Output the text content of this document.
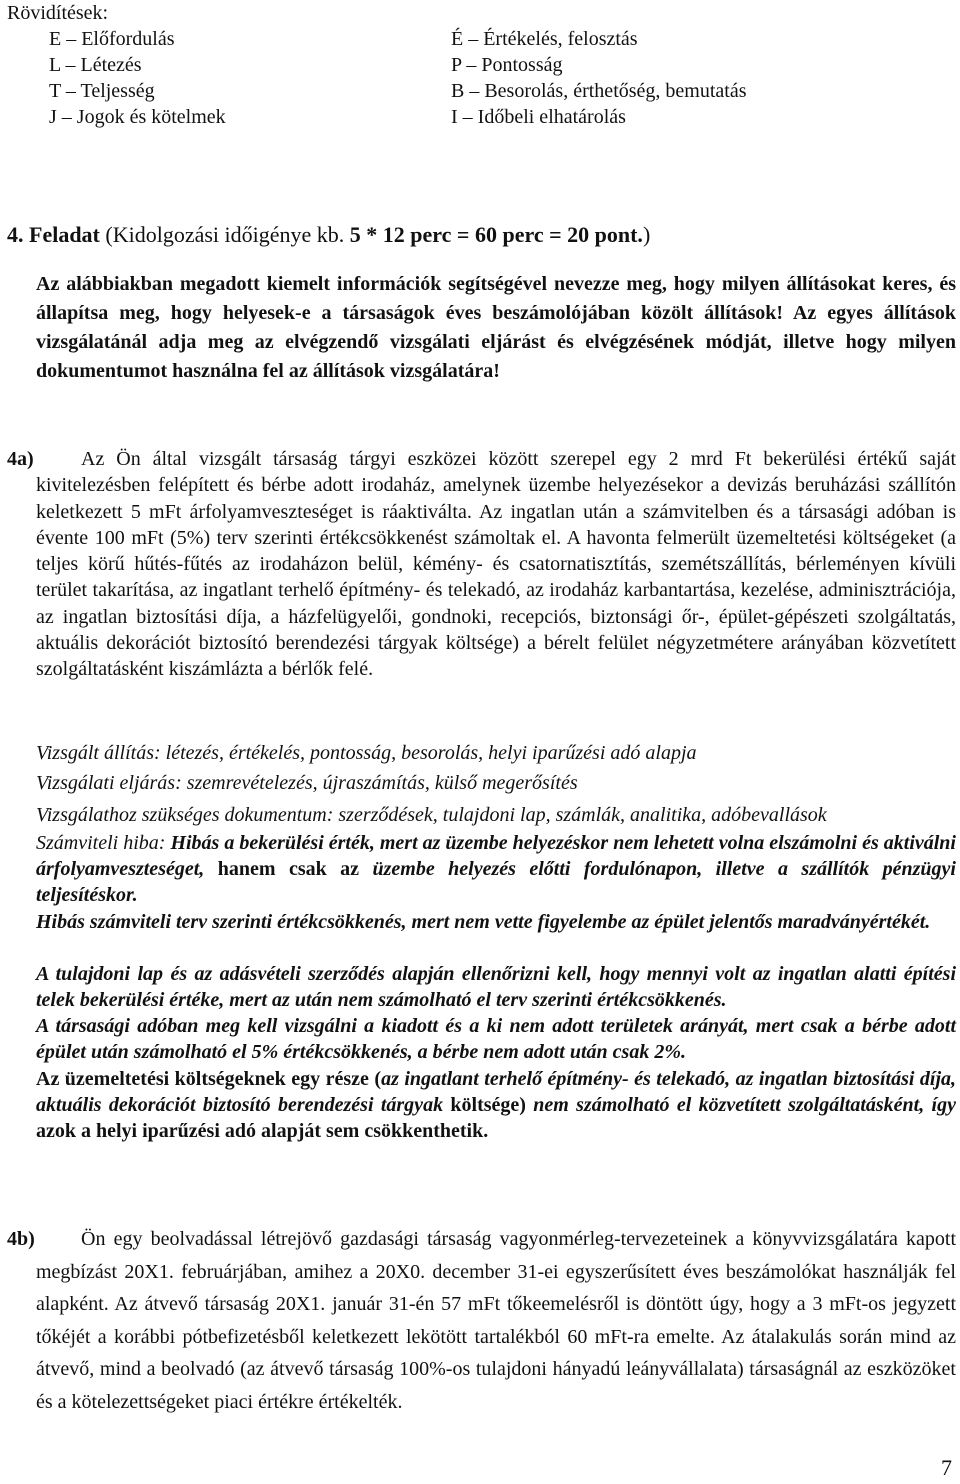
Rövidítések:
E – Előfordulás
L – Létezés
T – Teljesség
J – Jogok és kötelmek
É – Értékelés, felosztás
P – Pontosság
B – Besorolás, érthetőség, bemutatás
I – Időbeli elhatárolás
4. Feladat (Kidolgozási időigénye kb. 5 * 12 perc = 60 perc = 20 pont.)
Az alábbiakban megadott kiemelt információk segítségével nevezze meg, hogy milyen állításokat keres, és állapítsa meg, hogy helyesek-e a társaságok éves beszámolójában közölt állítások! Az egyes állítások vizsgálatánál adja meg az elvégzendő vizsgálati eljárást és elvégzésének módját, illetve hogy milyen dokumentumot használna fel az állítások vizsgálatára!
4a)	Az Ön által vizsgált társaság tárgyi eszközei között szerepel egy 2 mrd Ft bekerülési értékű saját kivitelezésben felépített és bérbe adott irodaház, amelynek üzembe helyezésekor a devizás beruházási szállítón keletkezett 5 mFt árfolyamveszteséget is ráaktiválta. Az ingatlan után a számvitelben és a társasági adóban is évente 100 mFt (5%) terv szerinti értékcsökkenést számoltak el. A havonta felmerült üzemeltetési költségeket (a teljes körű hűtés-fűtés az irodaházon belül, kémény- és csatornatisztítás, szemétszállítás, bérleményen kívüli terület takarítása, az ingatlant terhelő építmény- és telekadó, az irodaház karbantartása, kezelése, adminisztrációja, az ingatlan biztosítási díja, a házfelügyelői, gondnoki, recepciós, biztonsági őr-, épület-gépészeti szolgáltatás, aktuális dekorációt biztosító berendezési tárgyak költsége) a bérelt felület négyzetmétere arányában közvetített szolgáltatásként kiszámlázta a bérlők felé.
Vizsgált állítás: létezés, értékelés, pontosság, besorolás, helyi iparűzési adó alapja
Vizsgálati eljárás: szemrevételezés, újraszámítás, külső megerősítés
Vizsgálathoz szükséges dokumentum: szerződések, tulajdoni lap, számlák, analitika, adóbevallások
Számviteli hiba: Hibás a bekerülési érték, mert az üzembe helyezéskor nem lehetett volna elszámolni és aktiválni árfolyamveszteséget, hanem csak az üzembe helyezés előtti fordulónapon, illetve a szállítók pénzügyi teljesítéskor.
Hibás számviteli terv szerinti értékcsökkenés, mert nem vette figyelembe az épület jelentős maradványértékét.
A tulajdoni lap és az adásvételi szerződés alapján ellenőrizni kell, hogy mennyi volt az ingatlan alatti építési telek bekerülési értéke, mert az után nem számolható el terv szerinti értékcsökkenés.
A társasági adóban meg kell vizsgálni a kiadott és a ki nem adott területek arányát, mert csak a bérbe adott épület után számolható el 5% értékcsökkenés, a bérbe nem adott után csak 2%.
Az üzemeltetési költségeknek egy része (az ingatlant terhelő építmény- és telekadó, az ingatlan biztosítási díja, aktuális dekorációt biztosító berendezési tárgyak költsége) nem számolható el közvetített szolgáltatásként, így azok a helyi iparűzési adó alapját sem csökkenthetik.
4b)	Ön egy beolvadással létrejövő gazdasági társaság vagyonmérleg-tervezeteinek a könyvvizsgálatára kapott megbízást 20X1. februárjában, amihez a 20X0. december 31-ei egyszerűsített éves beszámolókat használják fel alapként. Az átvevő társaság 20X1. január 31-én 57 mFt tőkeemelésről is döntött úgy, hogy a 3 mFt-os jegyzett tőkéjét a korábbi pótbefizetésből keletkezett lekötött tartalékból 60 mFt-ra emelte. Az átalakulás során mind az átvevő, mind a beolvadó (az átvevő társaság 100%-os tulajdoni hányadú leányvállalata) társaságnál az eszközöket és a kötelezettségeket piaci értékre értékelték.
7
